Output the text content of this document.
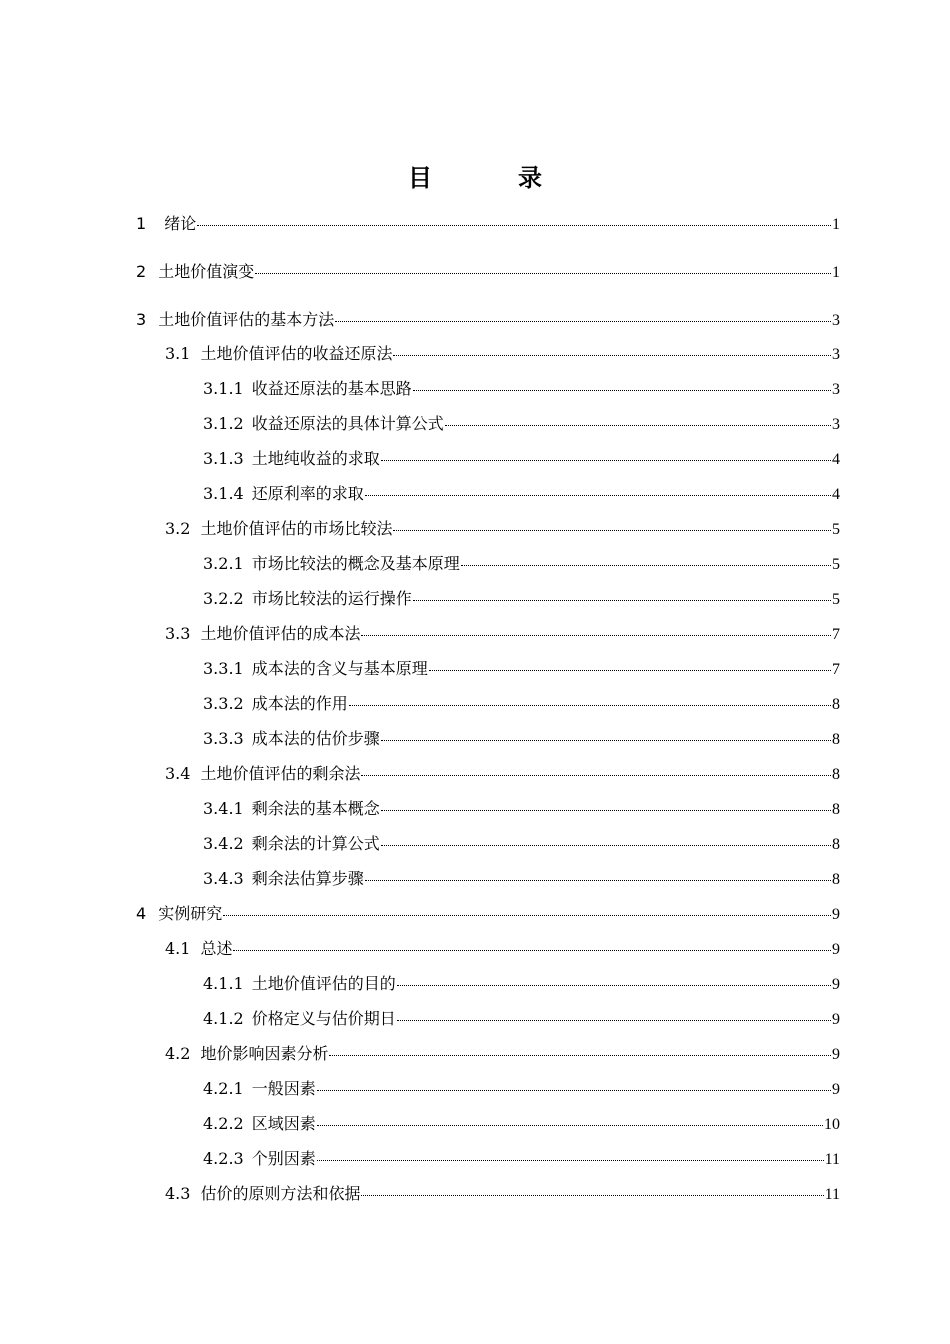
目	录
1 绪论	1
2 土地价值演变	1
3 土地价值评估的基本方法	3
3.1 土地价值评估的收益还原法	3
3.1.1 收益还原法的基本思路	3
3.1.2 收益还原法的具体计算公式	3
3.1.3 土地纯收益的求取	4
3.1.4 还原利率的求取	4
3.2 土地价值评估的市场比较法	5
3.2.1 市场比较法的概念及基本原理	5
3.2.2 市场比较法的运行操作	5
3.3 土地价值评估的成本法	7
3.3.1 成本法的含义与基本原理	7
3.3.2 成本法的作用	8
3.3.3 成本法的估价步骤	8
3.4 土地价值评估的剩余法	8
3.4.1 剩余法的基本概念	8
3.4.2 剩余法的计算公式	8
3.4.3 剩余法估算步骤	8
4 实例研究	9
4.1 总述	9
4.1.1 土地价值评估的目的	9
4.1.2 价格定义与估价期日	9
4.2 地价影响因素分析	9
4.2.1 一般因素	9
4.2.2 区域因素	10
4.2.3 个别因素	11
4.3 估价的原则方法和依据	11
